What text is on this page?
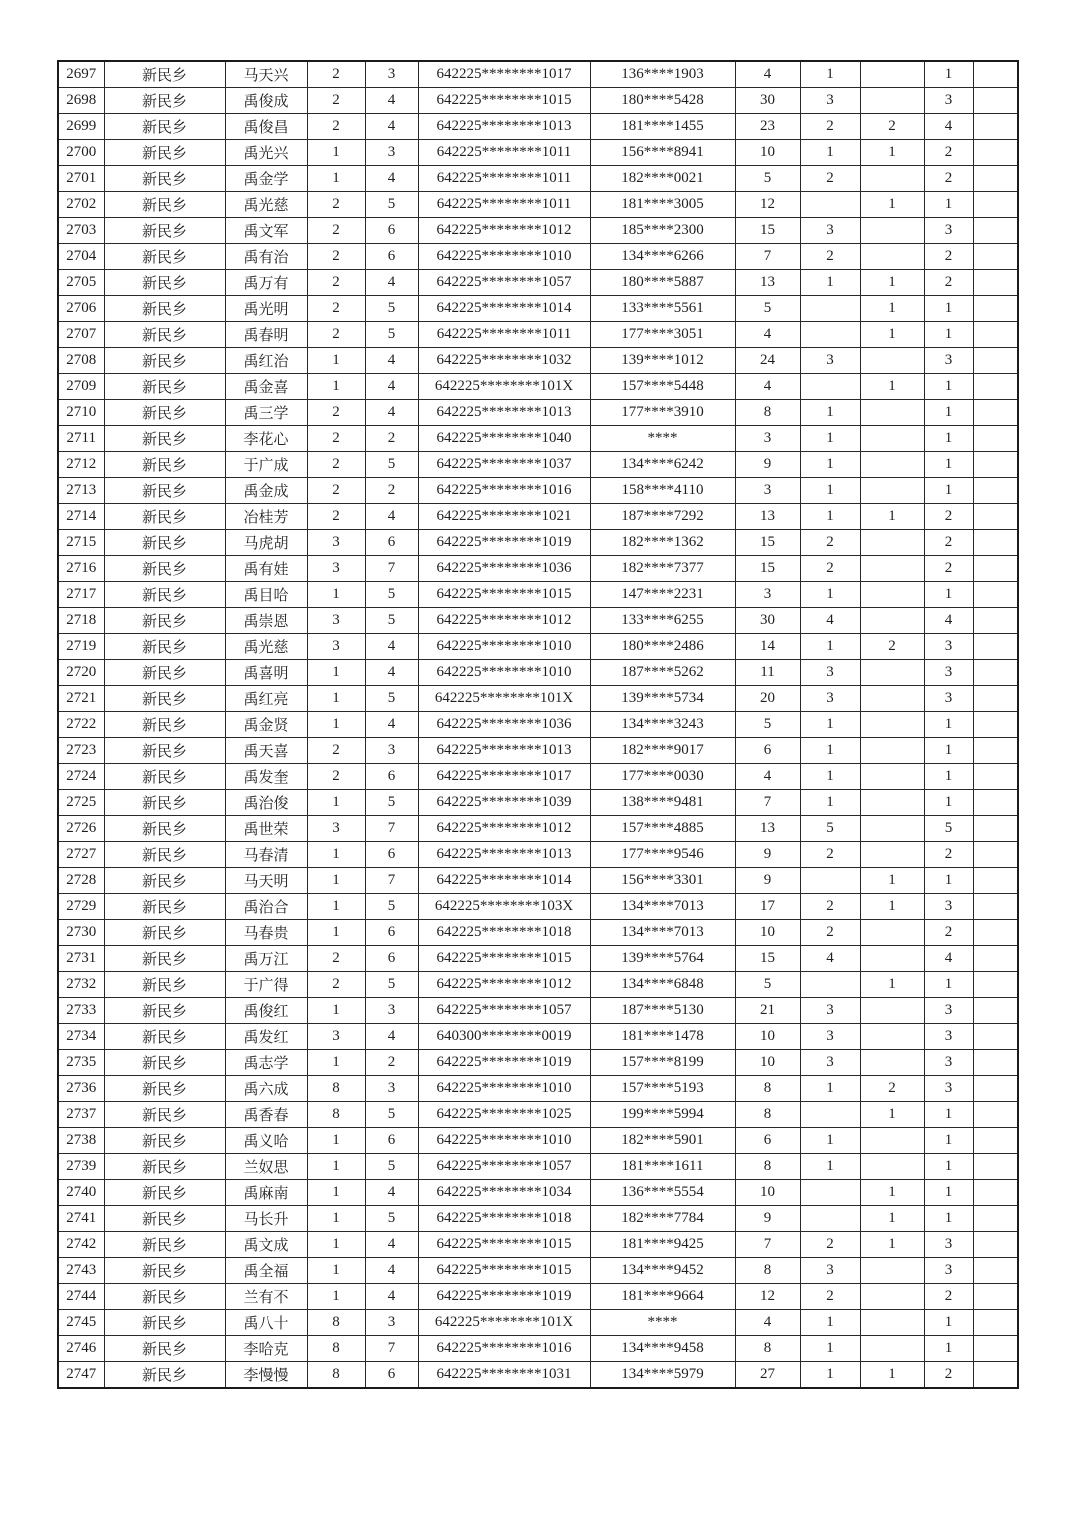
2697	新民乡	马天兴	2	3	642225********1017	136****1903	4	1		1	
2698	新民乡	禹俊成	2	4	642225********1015	180****5428	30	3		3	
2699	新民乡	禹俊昌	2	4	642225********1013	181****1455	23	2	2	4	
2700	新民乡	禹光兴	1	3	642225********1011	156****8941	10	1	1	2	
2701	新民乡	禹金学	1	4	642225********1011	182****0021	5	2		2	
2702	新民乡	禹光慈	2	5	642225********1011	181****3005	12		1	1	
2703	新民乡	禹文军	2	6	642225********1012	185****2300	15	3		3	
2704	新民乡	禹有治	2	6	642225********1010	134****6266	7	2		2	
2705	新民乡	禹万有	2	4	642225********1057	180****5887	13	1	1	2	
2706	新民乡	禹光明	2	5	642225********1014	133****5561	5		1	1	
2707	新民乡	禹春明	2	5	642225********1011	177****3051	4		1	1	
2708	新民乡	禹红治	1	4	642225********1032	139****1012	24	3		3	
2709	新民乡	禹金喜	1	4	642225********101X	157****5448	4		1	1	
2710	新民乡	禹三学	2	4	642225********1013	177****3910	8	1		1	
2711	新民乡	李花心	2	2	642225********1040	****	3	1		1	
2712	新民乡	于广成	2	5	642225********1037	134****6242	9	1		1	
2713	新民乡	禹金成	2	2	642225********1016	158****4110	3	1		1	
2714	新民乡	冶桂芳	2	4	642225********1021	187****7292	13	1	1	2	
2715	新民乡	马虎胡	3	6	642225********1019	182****1362	15	2		2	
2716	新民乡	禹有娃	3	7	642225********1036	182****7377	15	2		2	
2717	新民乡	禹目哈	1	5	642225********1015	147****2231	3	1		1	
2718	新民乡	禹崇恩	3	5	642225********1012	133****6255	30	4		4	
2719	新民乡	禹光慈	3	4	642225********1010	180****2486	14	1	2	3	
2720	新民乡	禹喜明	1	4	642225********1010	187****5262	11	3		3	
2721	新民乡	禹红亮	1	5	642225********101X	139****5734	20	3		3	
2722	新民乡	禹金贤	1	4	642225********1036	134****3243	5	1		1	
2723	新民乡	禹天喜	2	3	642225********1013	182****9017	6	1		1	
2724	新民乡	禹发奎	2	6	642225********1017	177****0030	4	1		1	
2725	新民乡	禹治俊	1	5	642225********1039	138****9481	7	1		1	
2726	新民乡	禹世荣	3	7	642225********1012	157****4885	13	5		5	
2727	新民乡	马春清	1	6	642225********1013	177****9546	9	2		2	
2728	新民乡	马天明	1	7	642225********1014	156****3301	9		1	1	
2729	新民乡	禹治合	1	5	642225********103X	134****7013	17	2	1	3	
2730	新民乡	马春贵	1	6	642225********1018	134****7013	10	2		2	
2731	新民乡	禹万江	2	6	642225********1015	139****5764	15	4		4	
2732	新民乡	于广得	2	5	642225********1012	134****6848	5		1	1	
2733	新民乡	禹俊红	1	3	642225********1057	187****5130	21	3		3	
2734	新民乡	禹发红	3	4	640300********0019	181****1478	10	3		3	
2735	新民乡	禹志学	1	2	642225********1019	157****8199	10	3		3	
2736	新民乡	禹六成	8	3	642225********1010	157****5193	8	1	2	3	
2737	新民乡	禹香春	8	5	642225********1025	199****5994	8		1	1	
2738	新民乡	禹义哈	1	6	642225********1010	182****5901	6	1		1	
2739	新民乡	兰奴思	1	5	642225********1057	181****1611	8	1		1	
2740	新民乡	禹麻南	1	4	642225********1034	136****5554	10		1	1	
2741	新民乡	马长升	1	5	642225********1018	182****7784	9		1	1	
2742	新民乡	禹文成	1	4	642225********1015	181****9425	7	2	1	3	
2743	新民乡	禹全福	1	4	642225********1015	134****9452	8	3		3	
2744	新民乡	兰有不	1	4	642225********1019	181****9664	12	2		2	
2745	新民乡	禹八十	8	3	642225********101X	****	4	1		1	
2746	新民乡	李哈克	8	7	642225********1016	134****9458	8	1		1	
2747	新民乡	李慢慢	8	6	642225********1031	134****5979	27	1	1	2	
